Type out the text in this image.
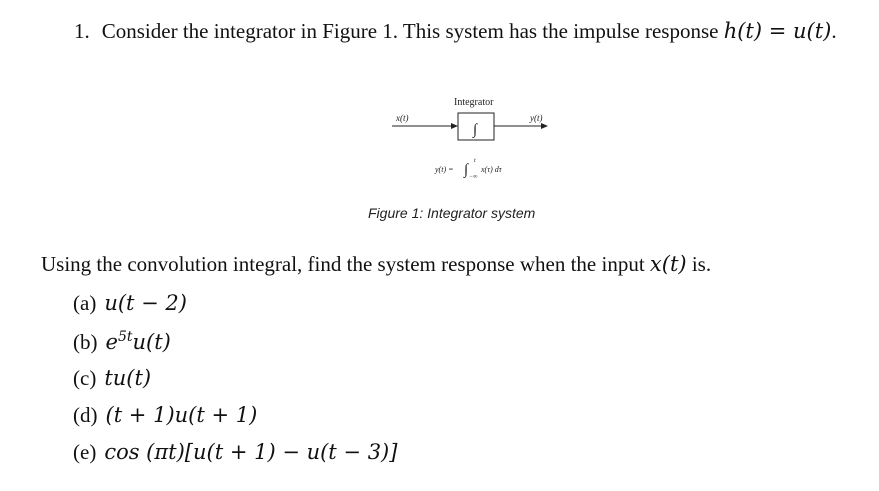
1. Consider the integrator in Figure 1. This system has the impulse response h(t) = u(t).
Integrator
x(t)	y(t)
∫
y(t) = ∫
t
−∞
x(τ) dτ
Figure 1: Integrator system
Using the convolution integral, find the system response when the input x(t) is.
(a) u(t − 2)
(b) $e^{5t}u(t)$
(c) tu(t)
(d) (t + 1)u(t + 1)
(e) cos (πt)[u(t + 1) − u(t − 3)]
